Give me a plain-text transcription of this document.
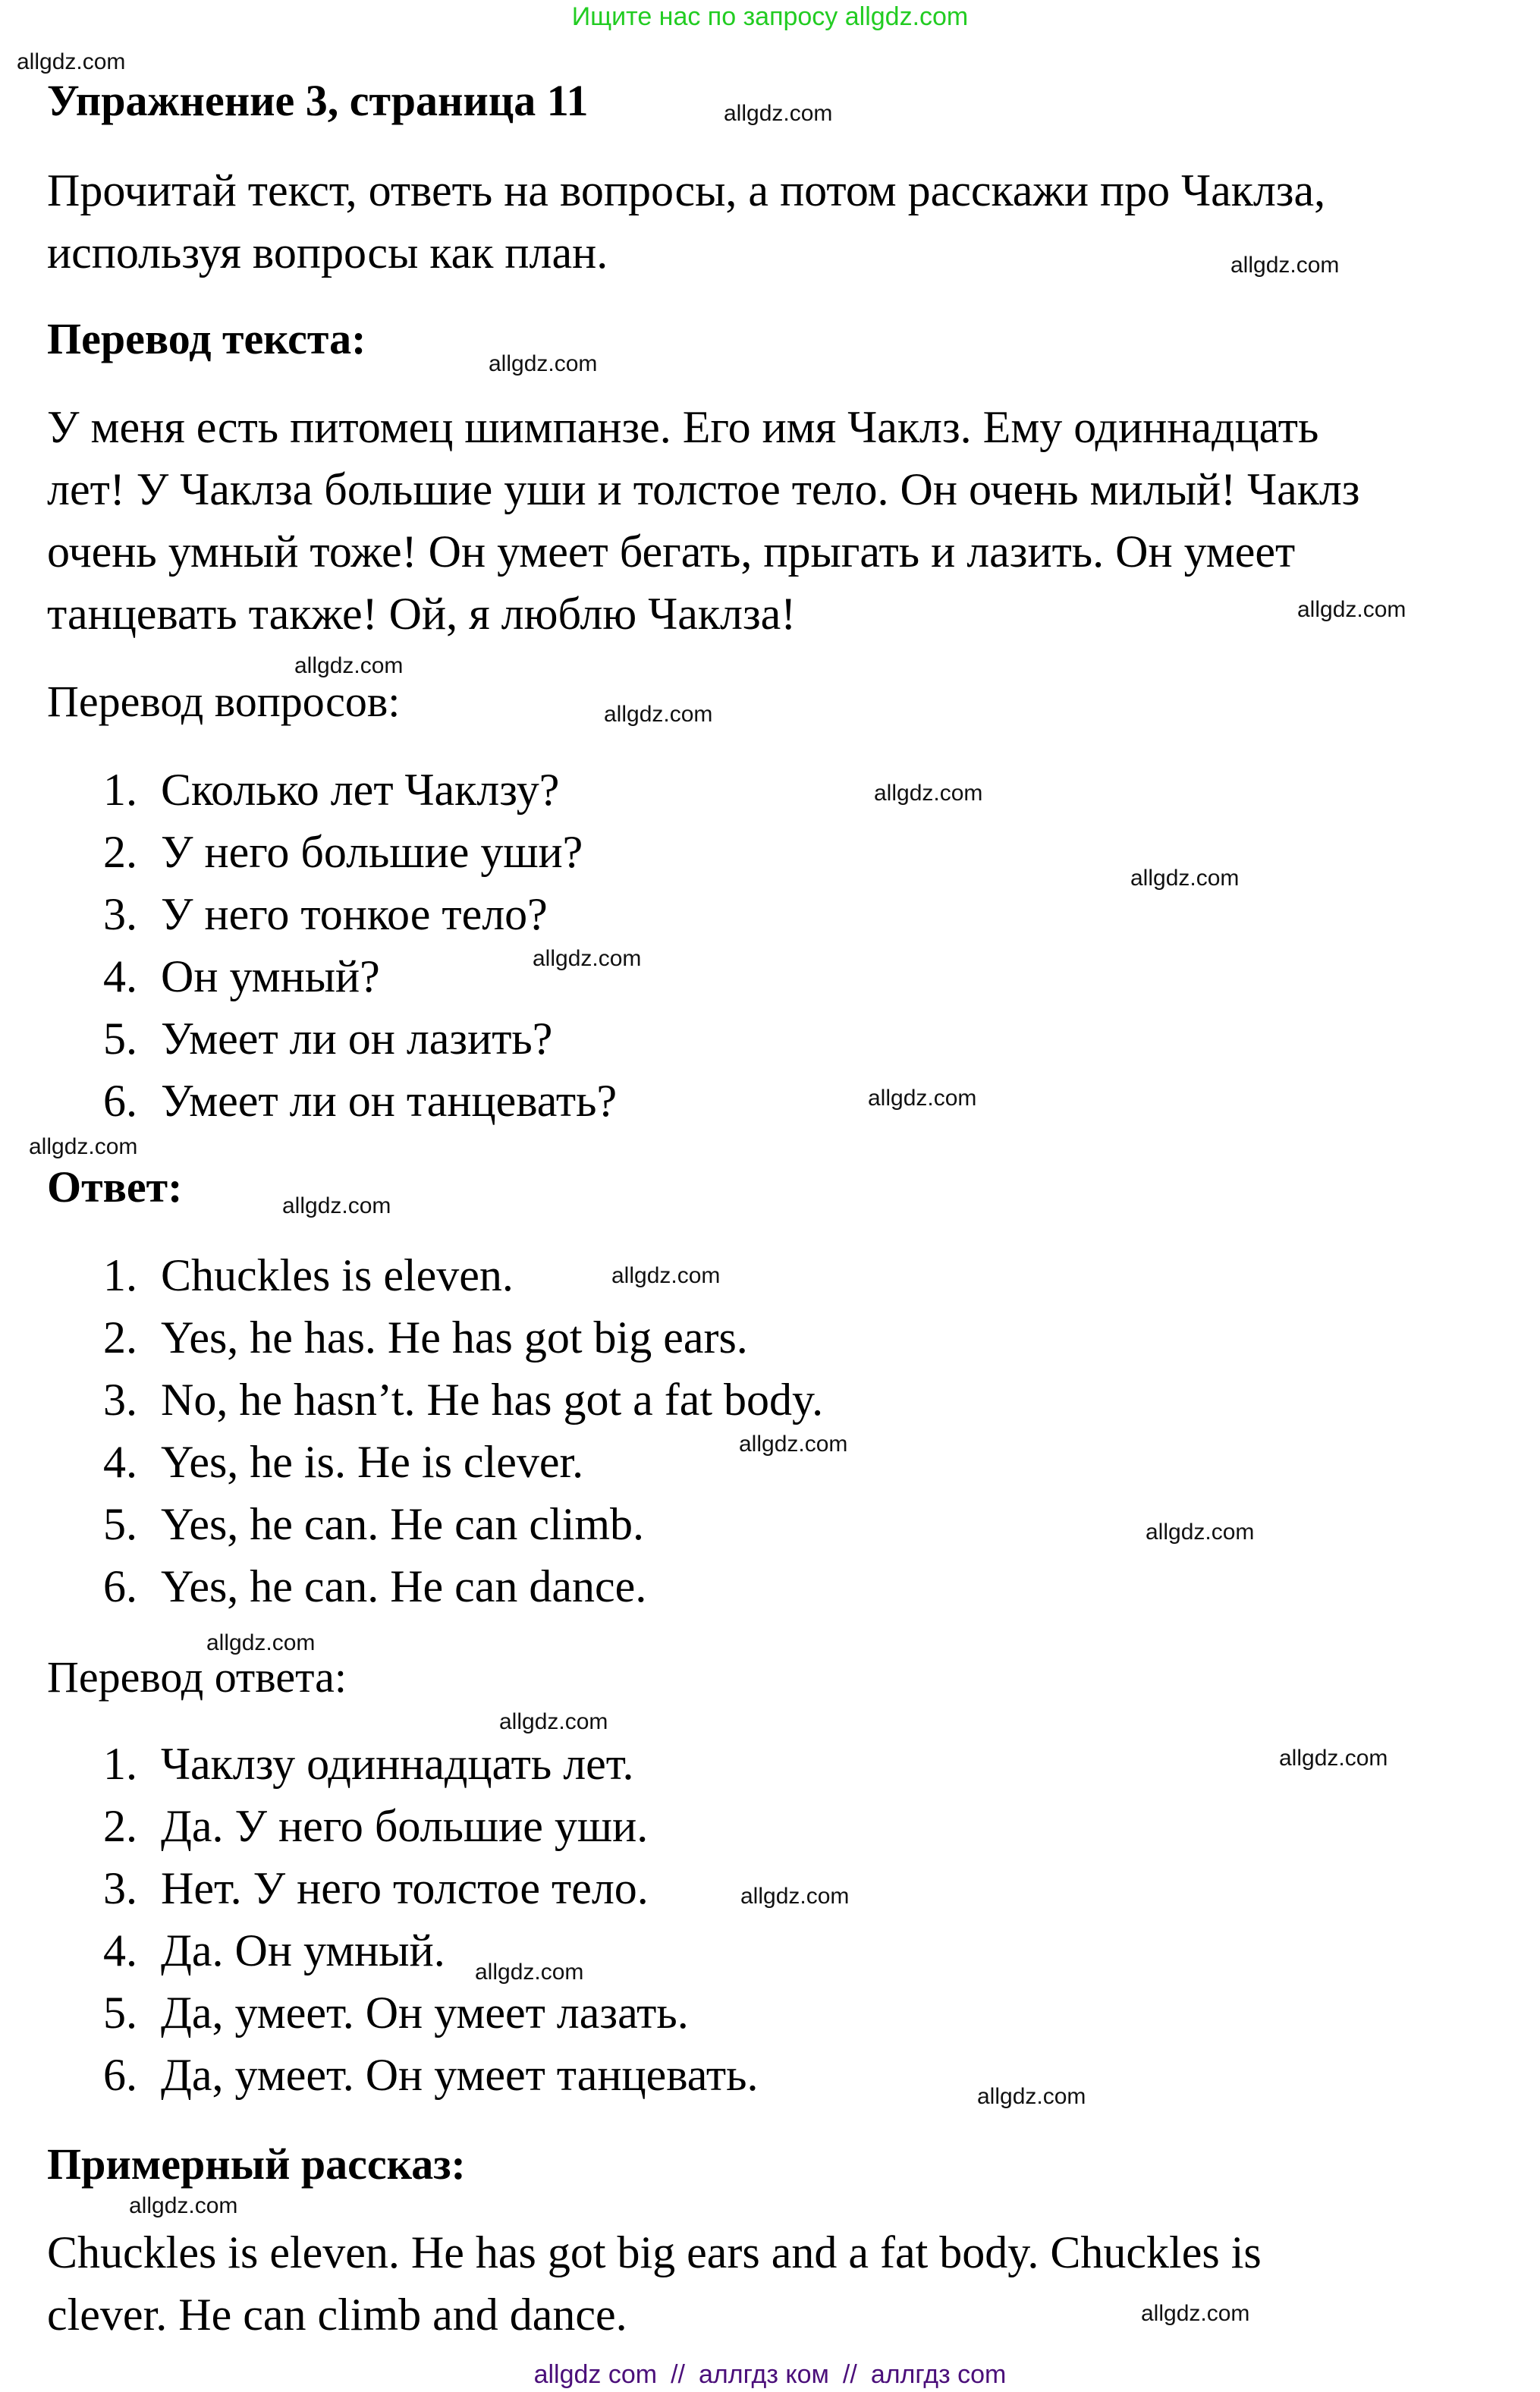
Ищите нас по запросу allgdz.com
Упражнение 3, страница 11
Прочитай текст, ответь на вопросы, а потом расскажи про Чаклза,
используя вопросы как план.
Перевод текста:
У меня есть питомец шимпанзе. Его имя Чаклз. Ему одиннадцать
лет! У Чаклза большие уши и толстое тело. Он очень милый! Чаклз
очень умный тоже! Он умеет бегать, прыгать и лазить. Он умеет
танцевать также! Ой, я люблю Чаклза!
Перевод вопросов:
1. Сколько лет Чаклзу?
2. У него большие уши?
3. У него тонкое тело?
4. Он умный?
5. Умеет ли он лазить?
6. Умеет ли он танцевать?
Ответ:
1. Chuckles is eleven.
2. Yes, he has. He has got big ears.
3. No, he hasn’t. He has got a fat body.
4. Yes, he is. He is clever.
5. Yes, he can. He can climb.
6. Yes, he can. He can dance.
Перевод ответа:
1. Чаклзу одиннадцать лет.
2. Да. У него большие уши.
3. Нет. У него толстое тело.
4. Да. Он умный.
5. Да, умеет. Он умеет лазать.
6. Да, умеет. Он умеет танцевать.
Примерный рассказ:
Chuckles is eleven. He has got big ears and a fat body. Chuckles is
clever. He can climb and dance.
allgdz.com
allgdz.com
allgdz.com
allgdz.com
allgdz.com
allgdz.com
allgdz.com
allgdz.com
allgdz.com
allgdz.com
allgdz.com
allgdz.com
allgdz.com
allgdz.com
allgdz.com
allgdz.com
allgdz.com
allgdz.com
allgdz.com
allgdz.com
allgdz.com
allgdz.com
allgdz.com
allgdz.com
allgdz com // аллгдз ком // аллгдз com
